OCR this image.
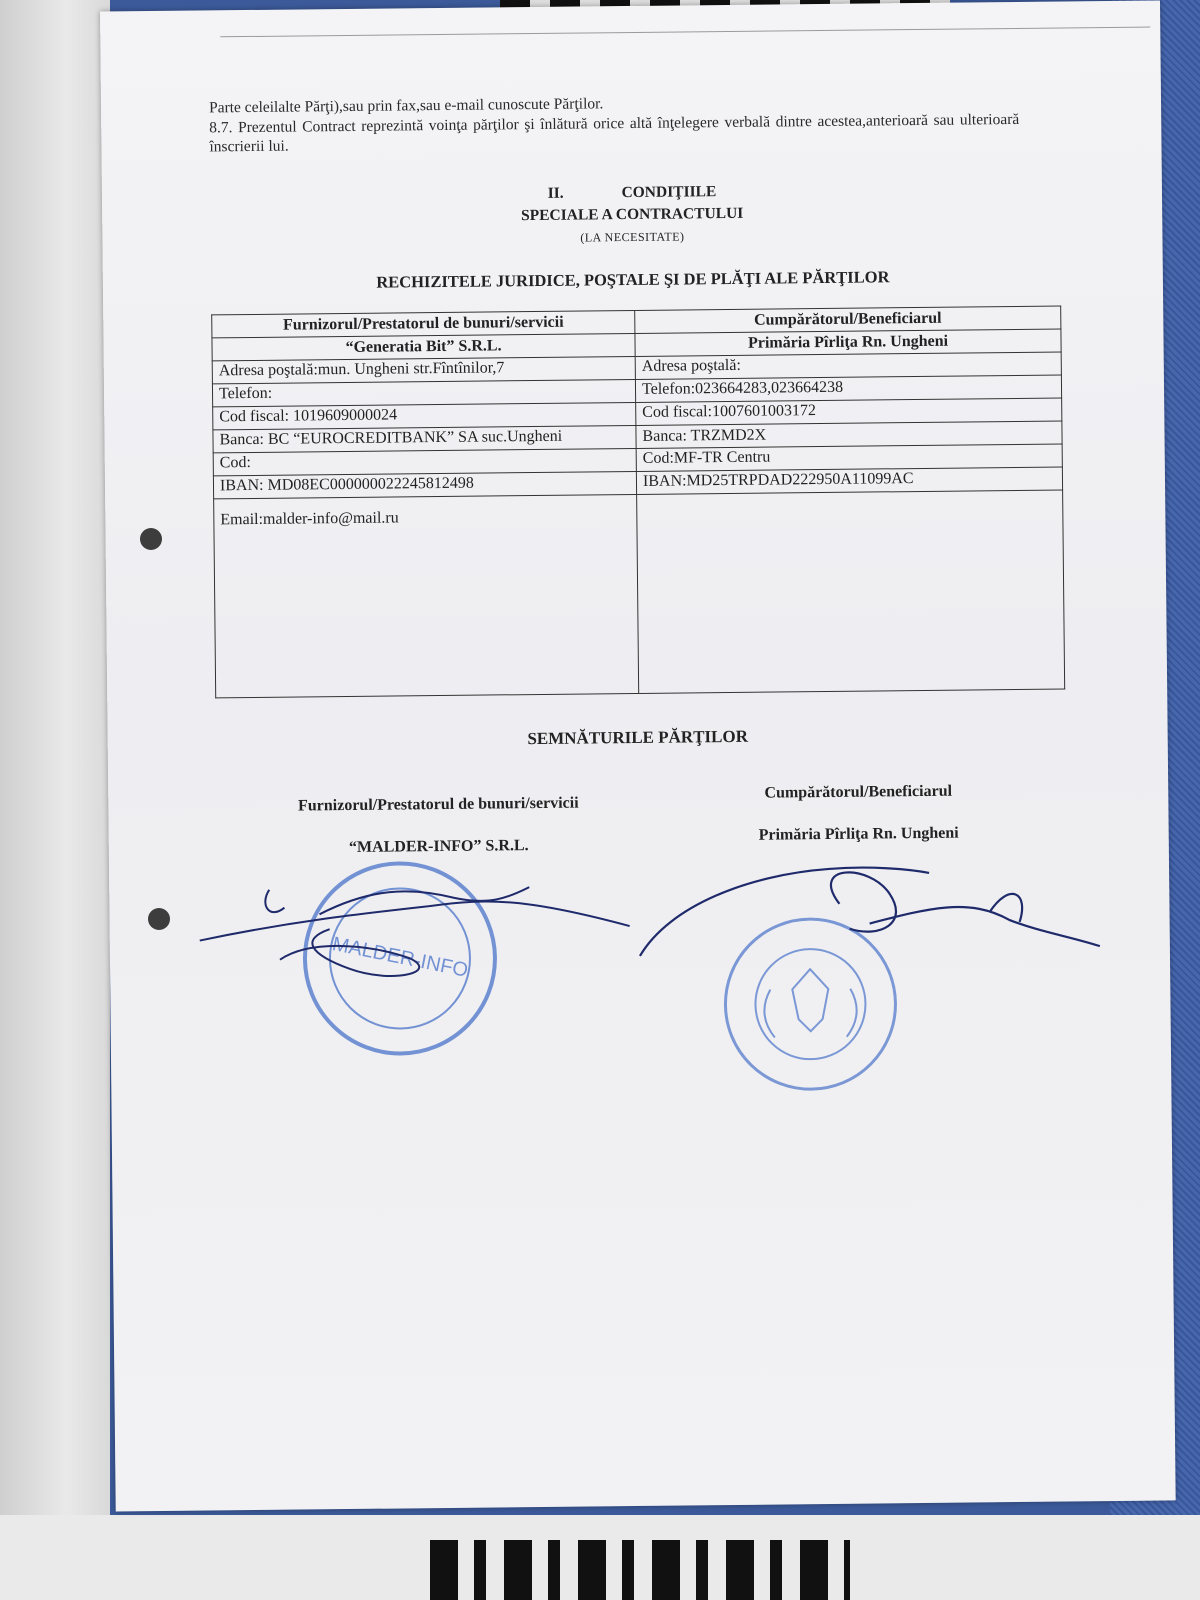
Parte celeilalte Părţi),sau prin fax,sau e-mail cunoscute Părţilor.
8.7. Prezentul Contract reprezintă voinţa părţilor şi înlătură orice altă înţelegere verbală dintre acestea,anterioară sau ulterioară înscrierii lui.
II.	CONDIŢIILE
SPECIALE A CONTRACTULUI
(LA NECESITATE)
RECHIZITELE JURIDICE, POŞTALE ŞI DE PLĂŢI ALE PĂRŢILOR
Furnizorul/Prestatorul de bunuri/servicii	Cumpărătorul/Beneficiarul
“Generatia Bit” S.R.L.	Primăria Pîrliţa Rn. Ungheni
Adresa poştală:mun. Ungheni str.Fîntînilor,7	Adresa poştală:
Telefon:	Telefon:023664283,023664238
Cod fiscal: 1019609000024	Cod fiscal:1007601003172
Banca: BC “EUROCREDITBANK” SA suc.Ungheni	Banca: TRZMD2X
Cod:	Cod:MF-TR Centru
IBAN: MD08EC000000022245812498	IBAN:MD25TRPDAD222950A11099AC
Email:malder-info@mail.ru	
SEMNĂTURILE PĂRŢILOR
Furnizorul/Prestatorul de bunuri/servicii
Cumpărătorul/Beneficiarul
“MALDER-INFO” S.R.L.
Primăria Pîrliţa Rn. Ungheni
MALDER-INFO
